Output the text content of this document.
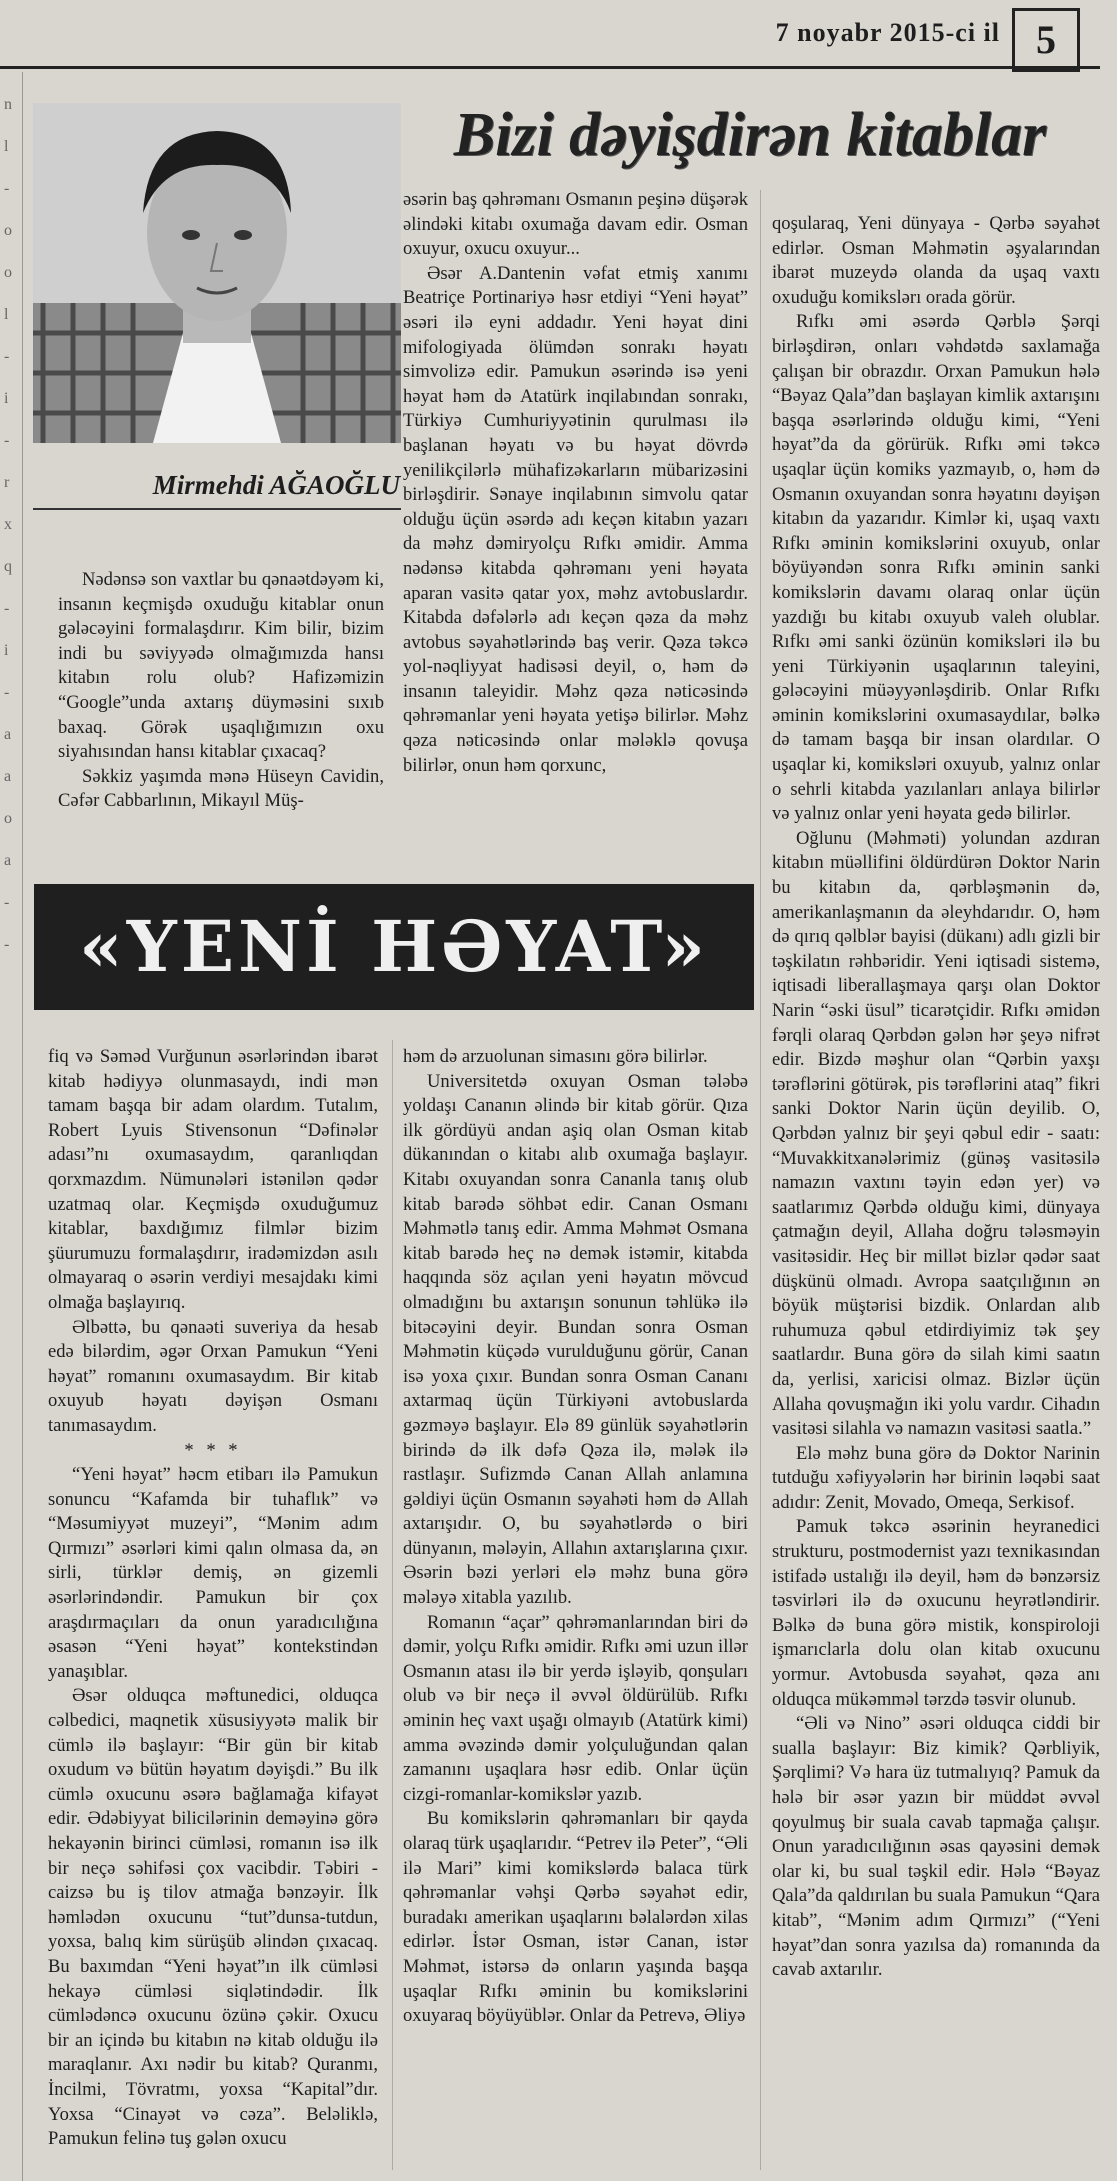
n
l
-
o
o
l
-
i
-
r
x
q
-
i
-
a
a
o
a
-
-
7 noyabr 2015-ci il 5
Mirmehdi AĞAOĞLU
Bizi dəyişdirən kitablar

Nədənsə son vaxtlar bu qənaətdəyəm ki, insanın keçmişdə oxuduğu kitablar onun gələcəyini formalaşdırır. Kim bilir, bizim indi bu səviyyədə olmağımızda hansı kitabın rolu olub? Hafizəmizin “Google”unda axtarış düyməsini sıxıb baxaq. Görək uşaqlığımızın oxu siyahısından hansı kitablar çıxacaq?

Səkkiz yaşımda mənə Hüseyn Cavidin, Cəfər Cabbarlının, Mikayıl Müş-

əsərin baş qəhrəmanı Osmanın peşinə düşərək əlindəki kitabı oxumağa davam edir. Osman oxuyur, oxucu oxuyur...

Əsər A.Dantenin vəfat etmiş xanımı Beatriçe Portinariyə həsr etdiyi “Yeni həyat” əsəri ilə eyni addadır. Yeni həyat dini mifologiyada ölümdən sonrakı həyatı simvolizə edir. Pamukun əsərində isə yeni həyat həm də Atatürk inqilabından sonrakı, Türkiyə Cumhuriyyətinin qurulması ilə başlanan həyatı və bu həyat dövrdə yenilikçilərlə mühafizəkarların mübarizəsini birləşdirir. Sənaye inqilabının simvolu qatar olduğu üçün əsərdə adı keçən kitabın yazarı da məhz dəmiryolçu Rıfkı əmidir. Amma nədənsə kitabda qəhrəmanı yeni həyata aparan vasitə qatar yox, məhz avtobuslardır. Kitabda dəfələrlə adı keçən qəza da məhz avtobus səyahətlərində baş verir. Qəza təkcə yol-nəqliyyat hadisəsi deyil, o, həm də insanın taleyidir. Məhz qəza nəticəsində qəhrəmanlar yeni həyata yetişə bilirlər. Məhz qəza nəticəsində onlar mələklə qovuşa bilirlər, onun həm qorxunc,

qoşularaq, Yeni dünyaya - Qərbə səyahət edirlər. Osman Məhmətin əşyalarından ibarət muzeydə olanda da uşaq vaxtı oxuduğu komikslərı orada görür.

Rıfkı əmi əsərdə Qərblə Şərqi birləşdirən, onları vəhdətdə saxlamağa çalışan bir obrazdır. Orxan Pamukun hələ “Bəyaz Qala”dan başlayan kimlik axtarışını başqa əsərlərində olduğu kimi, “Yeni həyat”da da görürük. Rıfkı əmi təkcə uşaqlar üçün komiks yazmayıb, o, həm də Osmanın oxuyandan sonra həyatını dəyişən kitabın da yazarıdır. Kimlər ki, uşaq vaxtı Rıfkı əminin komikslərini oxuyub, onlar böyüyəndən sonra Rıfkı əminin sanki komikslərin davamı olaraq onlar üçün yazdığı bu kitabı oxuyub valeh olublar. Rıfkı əmi sanki özünün komiksləri ilə bu yeni Türkiyənin uşaqlarının taleyini, gələcəyini müəyyənləşdirib. Onlar Rıfkı əminin komikslərini oxumasaydılar, bəlkə də tamam başqa bir insan olardılar. O uşaqlar ki, komiksləri oxuyub, yalnız onlar o sehrli kitabda yazılanları anlaya bilirlər və yalnız onlar yeni həyata gedə bilirlər.

Oğlunu (Məhməti) yolundan azdıran kitabın müəllifini öldürdürən Doktor Narin bu kitabın da, qərbləşmənin də, amerikanlaşmanın da əleyhdarıdır. O, həm də qırıq qəlblər bayisi (dükanı) adlı gizli bir təşkilatın rəhbəridir. Yeni iqtisadi sistemə, iqtisadi liberallaşmaya qarşı olan Doktor Narin “əski üsul” ticarətçidir. Rıfkı əmidən fərqli olaraq Qərbdən gələn hər şeyə nifrət edir. Bizdə məşhur olan “Qərbin yaxşı tərəflərini götürək, pis tərəflərini ataq” fikri sanki Doktor Narin üçün deyilib. O, Qərbdən yalnız bir şeyi qəbul edir - saatı: “Muvakkitxanələrimiz (günəş vasitəsilə namazın vaxtını təyin edən yer) və saatlarımız Qərbdə olduğu kimi, dünyaya çatmağın deyil, Allaha doğru tələsməyin vasitəsidir. Heç bir millət bizlər qədər saat düşkünü olmadı. Avropa saatçılığının ən böyük müştərisi bizdik. Onlardan alıb ruhumuza qəbul etdirdiyimiz tək şey saatlardır. Buna görə də silah kimi saatın da, yerlisi, xaricisi olmaz. Bizlər üçün Allaha qovuşmağın iki yolu vardır. Cihadın vasitəsi silahla və namazın vasitəsi saatla.”

Elə məhz buna görə də Doktor Narinin tutduğu xəfiyyələrin hər birinin ləqəbi saat adıdır: Zenit, Movado, Omeqa, Serkisof.

Pamuk təkcə əsərinin heyranedici strukturu, postmodernist yazı texnikasından istifadə ustalığı ilə deyil, həm də bənzərsiz təsvirləri ilə də oxucunu heyrətləndirir. Bəlkə də buna görə mistik, konspiroloji işmarıclarla dolu olan kitab oxucunu yormur. Avtobusda səyahət, qəza anı olduqca mükəmməl tərzdə təsvir olunub.

“Əli və Nino” əsəri olduqca ciddi bir sualla başlayır: Biz kimik? Qərbliyik, Şərqlimi? Və hara üz tutmalıyıq? Pamuk da hələ bir əsər yazın bir müddət əvvəl qoyulmuş bir suala cavab tapmağa çalışır. Onun yaradıcılığının əsas qayəsini demək olar ki, bu sual təşkil edir. Hələ “Bəyaz Qala”da qaldırılan bu suala Pamukun “Qara kitab”, “Mənim adım Qırmızı” (“Yeni həyat”dan sonra yazılsa da) romanında da cavab axtarılır.

«YENİ HƏYAT»

fiq və Səməd Vurğunun əsərlərindən ibarət kitab hədiyyə olunmasaydı, indi mən tamam başqa bir adam olardım. Tutalım, Robert Lyuis Stivensonun “Dəfinələr adası”nı oxumasaydım, qaranlıqdan qorxmazdım. Nümunələri istənilən qədər uzatmaq olar. Keçmişdə oxuduğumuz kitablar, baxdığımız filmlər bizim şüurumuzu formalaşdırır, iradəmizdən asılı olmayaraq o əsərin verdiyi mesajdakı kimi olmağa başlayırıq.

Əlbəttə, bu qənaəti suveriya da hesab edə bilərdim, əgər Orxan Pamukun “Yeni həyat” romanını oxumasaydım. Bir kitab oxuyub həyatı dəyişən Osmanı tanımasaydım.

* * *

“Yeni həyat” həcm etibarı ilə Pamukun sonuncu “Kafamda bir tuhaflık” və “Məsumiyyət muzeyi”, “Mənim adım Qırmızı” əsərləri kimi qalın olmasa da, ən sirli, türklər demiş, ən gizemli əsərlərindəndir. Pamukun bir çox araşdırmaçıları da onun yaradıcılığına əsasən “Yeni həyat” kontekstindən yanaşıblar.

Əsər olduqca məftunedici, olduqca cəlbedici, maqnetik xüsusiyyətə malik bir cümlə ilə başlayır: “Bir gün bir kitab oxudum və bütün həyatım dəyişdi.” Bu ilk cümlə oxucunu əsərə bağlamağa kifayət edir. Ədəbiyyat bilicilərinin deməyinə görə hekayənin birinci cümləsi, romanın isə ilk bir neçə səhifəsi çox vacibdir. Təbiri - caizsə bu iş tilov atmağa bənzəyir. İlk həmlədən oxucunu “tut”dunsa-tutdun, yoxsa, balıq kim sürüşüb əlindən çıxacaq. Bu baxımdan “Yeni həyat”ın ilk cümləsi hekayə cümləsi siqlətindədir. İlk cümlədəncə oxucunu özünə çəkir. Oxucu bir an içində bu kitabın nə kitab olduğu ilə maraqlanır. Axı nədir bu kitab? Quranmı, İncilmi, Tövratmı, yoxsa “Kapital”dır. Yoxsa “Cinayət və cəza”. Beləliklə, Pamukun felinə tuş gələn oxucu

həm də arzuolunan simasını görə bilirlər.

Universitetdə oxuyan Osman tələbə yoldaşı Cananın əlində bir kitab görür. Qıza ilk gördüyü andan aşiq olan Osman kitab dükanından o kitabı alıb oxumağa başlayır. Kitabı oxuyandan sonra Cananla tanış olub kitab barədə söhbət edir. Canan Osmanı Məhmətlə tanış edir. Amma Məhmət Osmana kitab barədə heç nə demək istəmir, kitabda haqqında söz açılan yeni həyatın mövcud olmadığını bu axtarışın sonunun təhlükə ilə bitəcəyini deyir. Bundan sonra Osman Məhmətin küçədə vurulduğunu görür, Canan isə yoxa çıxır. Bundan sonra Osman Cananı axtarmaq üçün Türkiyəni avtobuslarda gəzməyə başlayır. Elə 89 günlük səyahətlərin birində də ilk dəfə Qəza ilə, mələk ilə rastlaşır. Sufizmdə Canan Allah anlamına gəldiyi üçün Osmanın səyahəti həm də Allah axtarışıdır. O, bu səyahətlərdə o biri dünyanın, mələyin, Allahın axtarışlarına çıxır. Əsərin bəzi yerləri elə məhz buna görə mələyə xitabla yazılıb.

Romanın “açar” qəhrəmanlarından biri də dəmir, yolçu Rıfkı əmidir. Rıfkı əmi uzun illər Osmanın atası ilə bir yerdə işləyib, qonşuları olub və bir neçə il əvvəl öldürülüb. Rıfkı əminin heç vaxt uşağı olmayıb (Atatürk kimi) amma əvəzində dəmir yolçuluğundan qalan zamanını uşaqlara həsr edib. Onlar üçün cizgi-romanlar-komikslər yazıb.

Bu komikslərin qəhrəmanları bir qayda olaraq türk uşaqlarıdır. “Petrev ilə Peter”, “Əli ilə Mari” kimi komikslərdə balaca türk qəhrəmanlar vəhşi Qərbə səyahət edir, buradakı amerikan uşaqlarını bəlalərdən xilas edirlər. İstər Osman, istər Canan, istər Məhmət, istərsə də onların yaşında başqa uşaqlar Rıfkı əminin bu komikslərini oxuyaraq böyüyüblər. Onlar da Petrevə, Əliyə
